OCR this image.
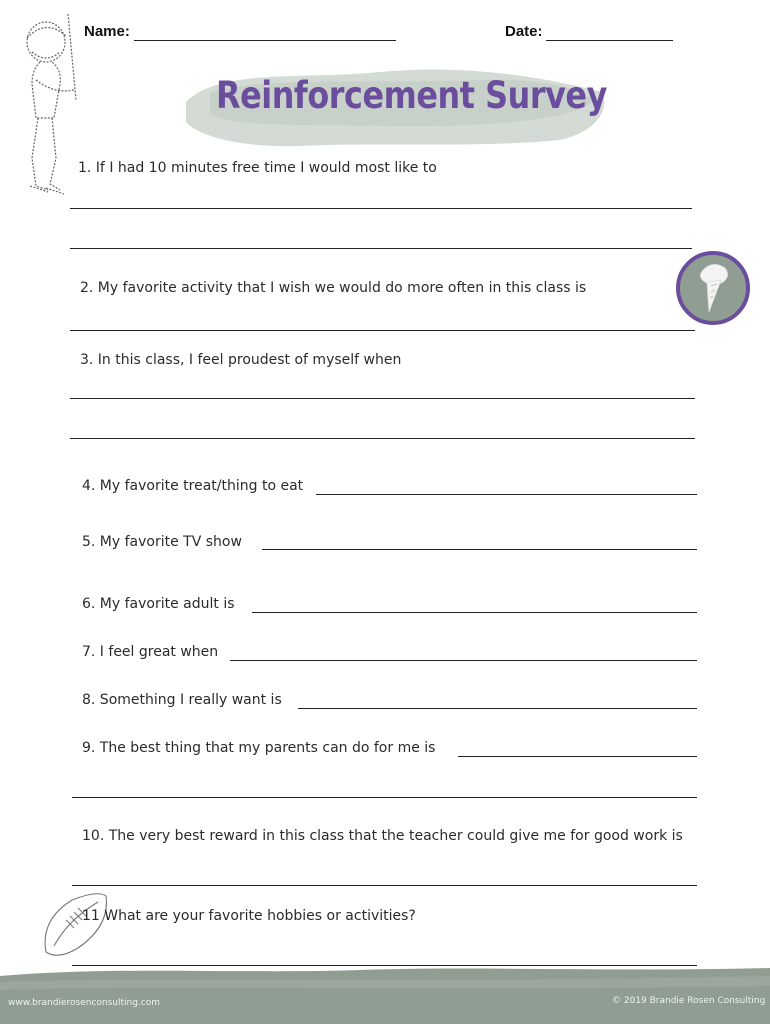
Name:	Date:
Reinforcement Survey
1. If I had 10 minutes free time I would most like to
2. My favorite activity that I wish we would do more often in this class is
3. In this class, I feel proudest of myself when
4. My favorite treat/thing to eat
5. My favorite TV show
6. My favorite adult is
7. I feel great when
8. Something I really want is
9. The best thing that my parents can do for me is
10. The very best reward in this class that the teacher could give me for good work is
11 What are your favorite hobbies or activities?
www.brandierosenconsulting.com	© 2019 Brandie Rosen Consulting
